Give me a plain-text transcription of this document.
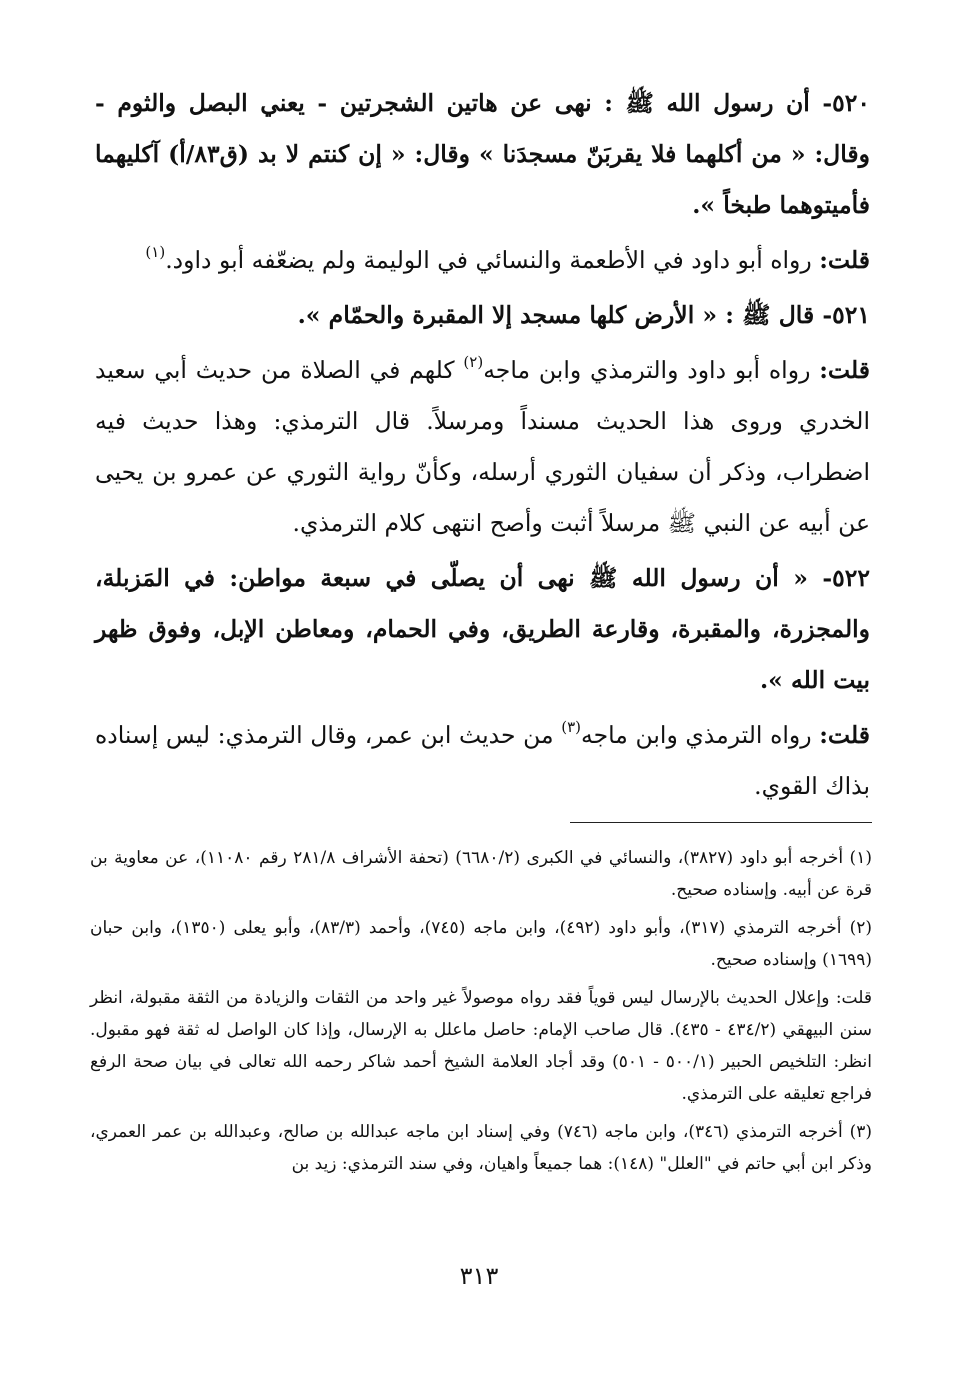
٥٢٠- أن رسول الله ﷺ : نهى عن هاتين الشجرتين - يعني البصل والثوم - وقال: « من أكلهما فلا يقربَنّ مسجدَنا » وقال: « إن كنتم لا بد (ق٨٣/أ) آكليهما فأميتوهما طبخاً ».

قلت: رواه أبو داود في الأطعمة والنسائي في الوليمة ولم يضعّفه أبو داود.$^{(١)}$

٥٢١- قال ﷺ : « الأرض كلها مسجد إلا المقبرة والحمّام ».

قلت: رواه أبو داود والترمذي وابن ماجه$^{(٢)}$ كلهم في الصلاة من حديث أبي سعيد الخدري وروى هذا الحديث مسنداً ومرسلاً. قال الترمذي: وهذا حديث فيه اضطراب، وذكر أن سفيان الثوري أرسله، وكأنّ رواية الثوري عن عمرو بن يحيى عن أبيه عن النبي ﷺ مرسلاً أثبت وأصح انتهى كلام الترمذي.

٥٢٢- « أن رسول الله ﷺ نهى أن يصلّى في سبعة مواطن: في المَزبلة، والمجزرة، والمقبرة، وقارعة الطريق، وفي الحمام، ومعاطن الإبل، وفوق ظهر بيت الله ».

قلت: رواه الترمذي وابن ماجه$^{(٣)}$ من حديث ابن عمر، وقال الترمذي: ليس إسناده بذاك القوي.

(١) أخرجه أبو داود (٣٨٢٧)، والنسائي في الكبرى (٦٦٨٠/٢) (تحفة الأشراف ٢٨١/٨ رقم ١١٠٨٠)، عن معاوية بن قرة عن أبيه. وإسناده صحيح.

(٢) أخرجه الترمذي (٣١٧)، وأبو داود (٤٩٢)، وابن ماجه (٧٤٥)، وأحمد (٨٣/٣)، وأبو يعلى (١٣٥٠)، وابن حبان (١٦٩٩) وإسناده صحيح.

قلت: وإعلال الحديث بالإرسال ليس قوياً فقد رواه موصولاً غير واحد من الثقات والزيادة من الثقة مقبولة، انظر سنن البيهقي (٤٣٤/٢ - ٤٣٥). قال صاحب الإمام: حاصل ماعلل به الإرسال، وإذا كان الواصل له ثقة فهو مقبول. انظر: التلخيص الحبير (٥٠٠/١ - ٥٠١) وقد أجاد العلامة الشيخ أحمد شاكر رحمه الله تعالى في بيان صحة الرفع فراجع تعليقه على الترمذي.

(٣) أخرجه الترمذي (٣٤٦)، وابن ماجه (٧٤٦) وفي إسناد ابن ماجه عبدالله بن صالح، وعبدالله بن عمر العمري، وذكر ابن أبي حاتم في "العلل" (١٤٨): هما جميعاً واهيان، وفي سند الترمذي: زيد بن

٣١٣
